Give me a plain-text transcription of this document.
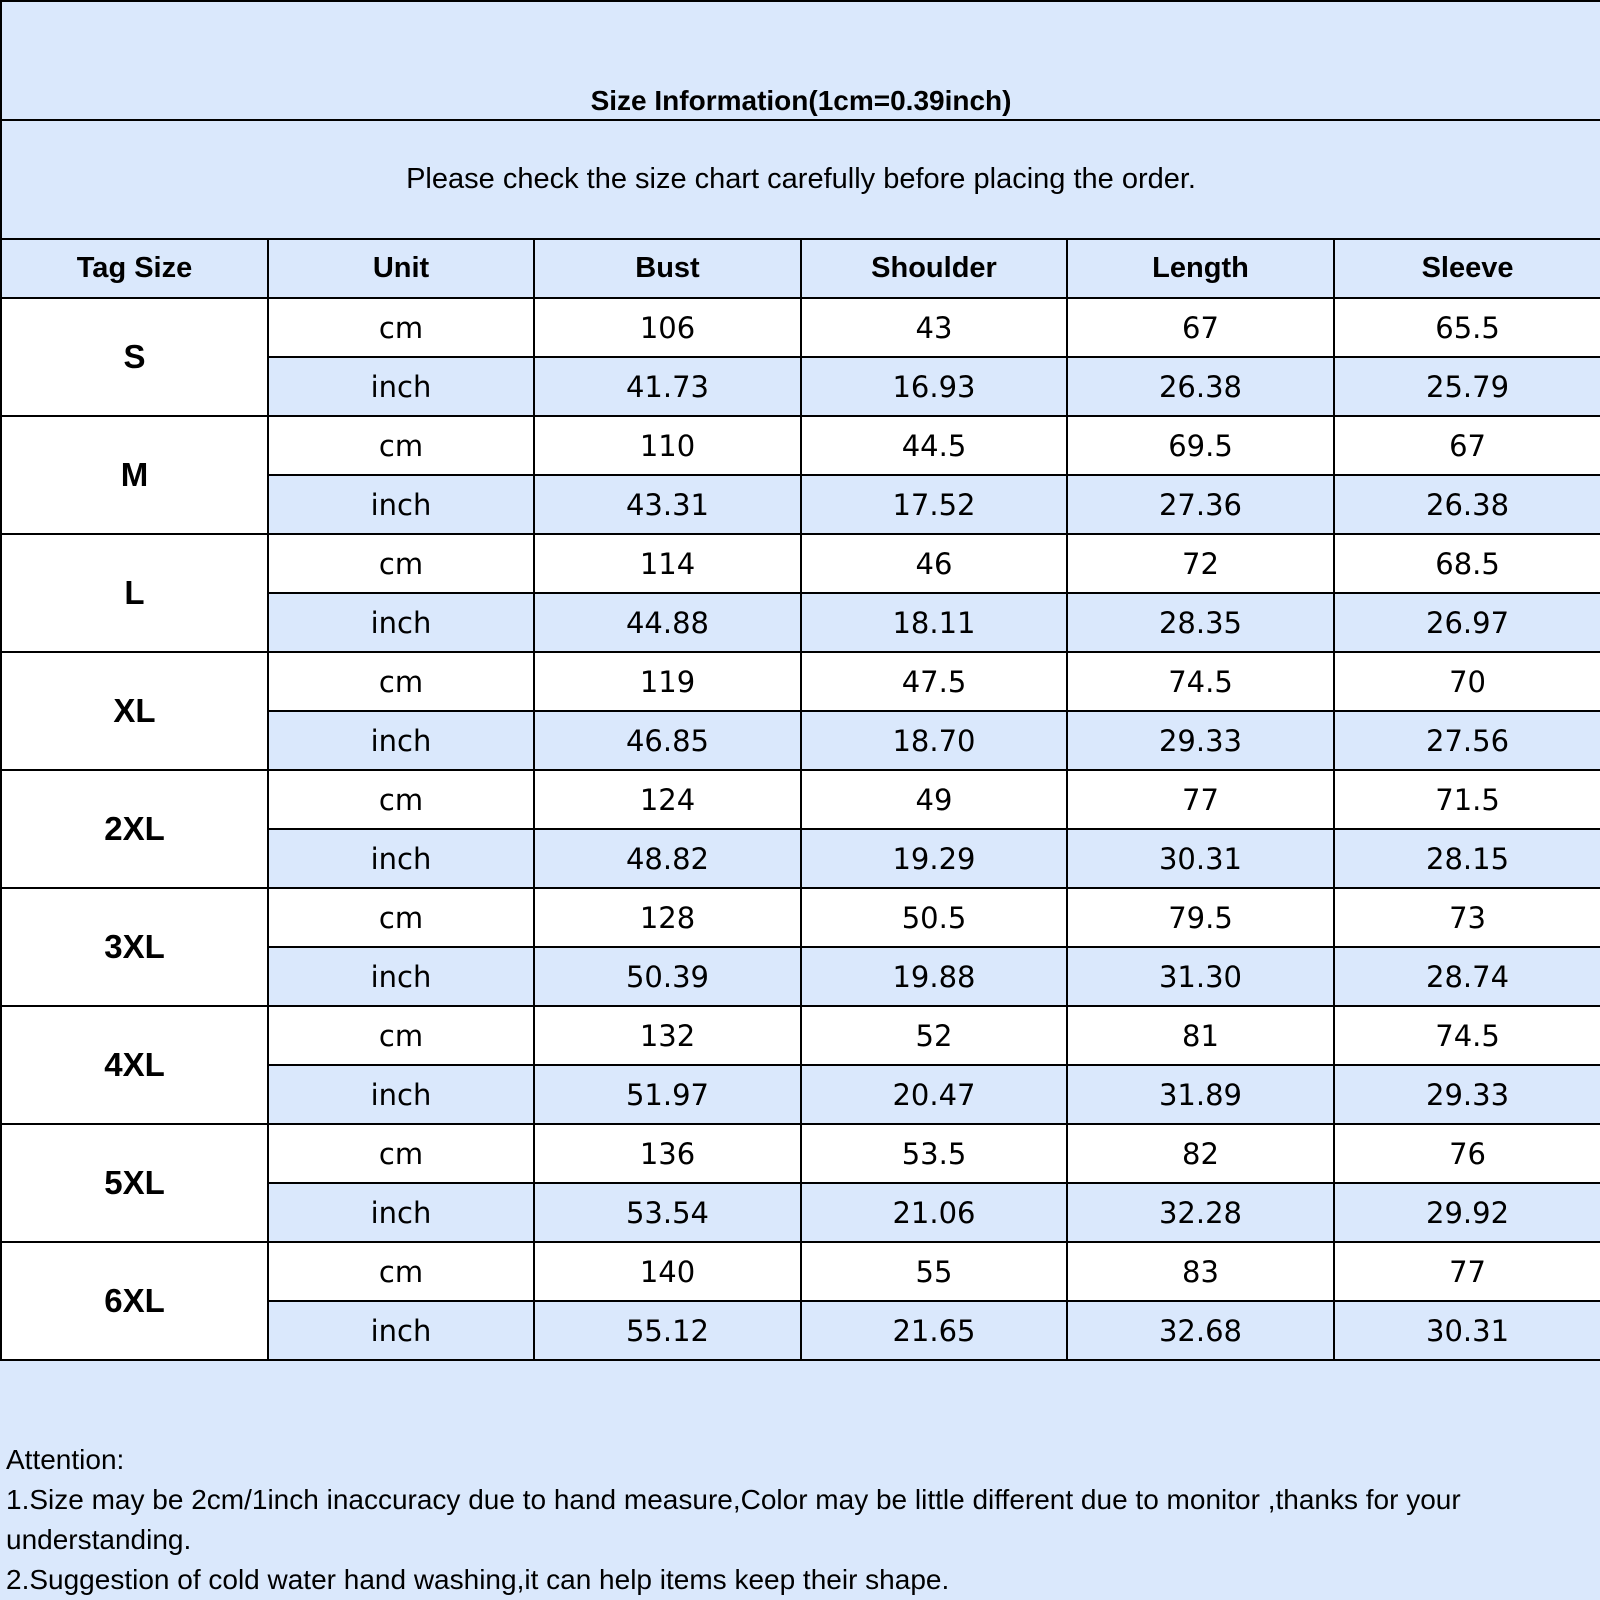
Size Information(1cm=0.39inch)					
Please check the size chart carefully before placing the order.					
Tag Size	Unit	Bust	Shoulder	Length	Sleeve
S	cm	106	43	67	65.5
	inch	41.73	16.93	26.38	25.79
M	cm	110	44.5	69.5	67
	inch	43.31	17.52	27.36	26.38
L	cm	114	46	72	68.5
	inch	44.88	18.11	28.35	26.97
XL	cm	119	47.5	74.5	70
	inch	46.85	18.70	29.33	27.56
2XL	cm	124	49	77	71.5
	inch	48.82	19.29	30.31	28.15
3XL	cm	128	50.5	79.5	73
	inch	50.39	19.88	31.30	28.74
4XL	cm	132	52	81	74.5
	inch	51.97	20.47	31.89	29.33
5XL	cm	136	53.5	82	76
	inch	53.54	21.06	32.28	29.92
6XL	cm	140	55	83	77
	inch	55.12	21.65	32.68	30.31
Attention:
1.Size may be 2cm/1inch inaccuracy due to hand measure,Color may be little different due to monitor ,thanks for your understanding.
2.Suggestion of cold water hand washing,it can help items keep their shape.
